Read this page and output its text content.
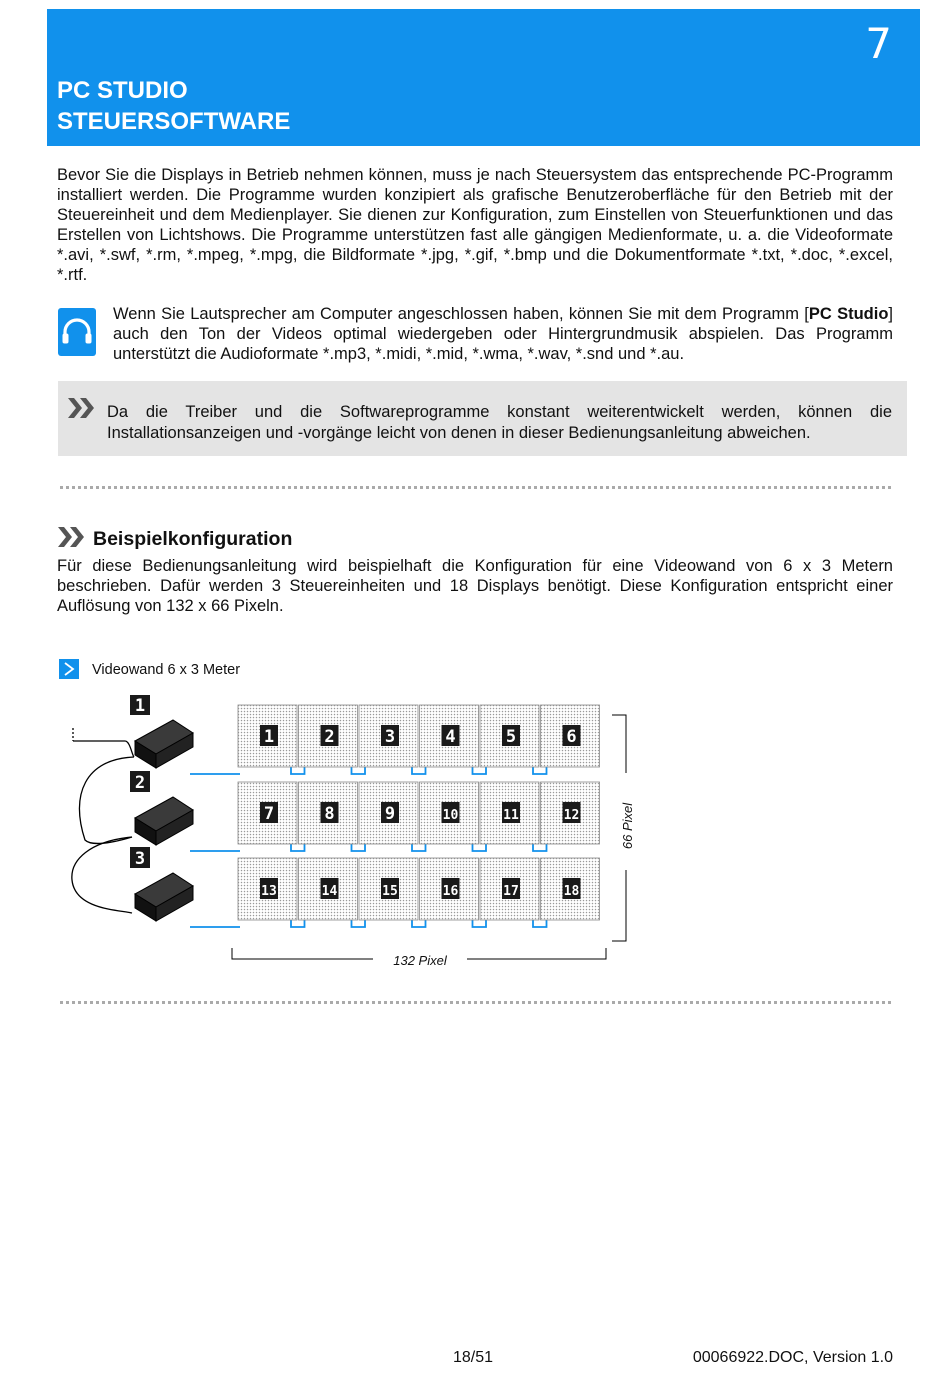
7
PC STUDIO
STEUERSOFTWARE

Bevor Sie die Displays in Betrieb nehmen können, muss je nach Steuersystem das entsprechende PC-Programm installiert werden. Die Programme wurden konzipiert als grafische Benutzeroberfläche für den Betrieb mit der Steuereinheit und dem Medienplayer. Sie dienen zur Konfiguration, zum Einstellen von Steuerfunktionen und das Erstellen von Lichtshows. Die Programme unterstützen fast alle gängigen Medienformate, u. a. die Videoformate *.avi, *.swf, *.rm, *.mpeg, *.mpg, die Bildformate *.jpg, *.gif, *.bmp und die Dokumentformate *.txt, *.doc, *.excel, *.rtf.

Wenn Sie Lautsprecher am Computer angeschlossen haben, können Sie mit dem Programm [PC Studio] auch den Ton der Videos optimal wiedergeben oder Hintergrundmusik abspielen. Das Programm unterstützt die Audioformate *.mp3, *.midi, *.mid, *.wma, *.wav, *.snd und *.au.

Da die Treiber und die Softwareprogramme konstant weiterentwickelt werden, können die Installationsanzeigen und -vorgänge leicht von denen in dieser Bedienungsanleitung abweichen.

Beispielkonfiguration

Für diese Bedienungsanleitung wird beispielhaft die Konfiguration für eine Videowand von 6 x 3 Metern beschrieben. Dafür werden 3 Steuereinheiten und 18 Displays benötigt. Diese Konfiguration entspricht einer Auflösung von 132 x 66 Pixeln.

Videowand 6 x 3 Meter
1
2
3
1	2	3	4	5	6
7	8	9	10	11	12
13	14	15	16	17	18
66 Pixel
132 Pixel
18/51	00066922.DOC, Version 1.0
